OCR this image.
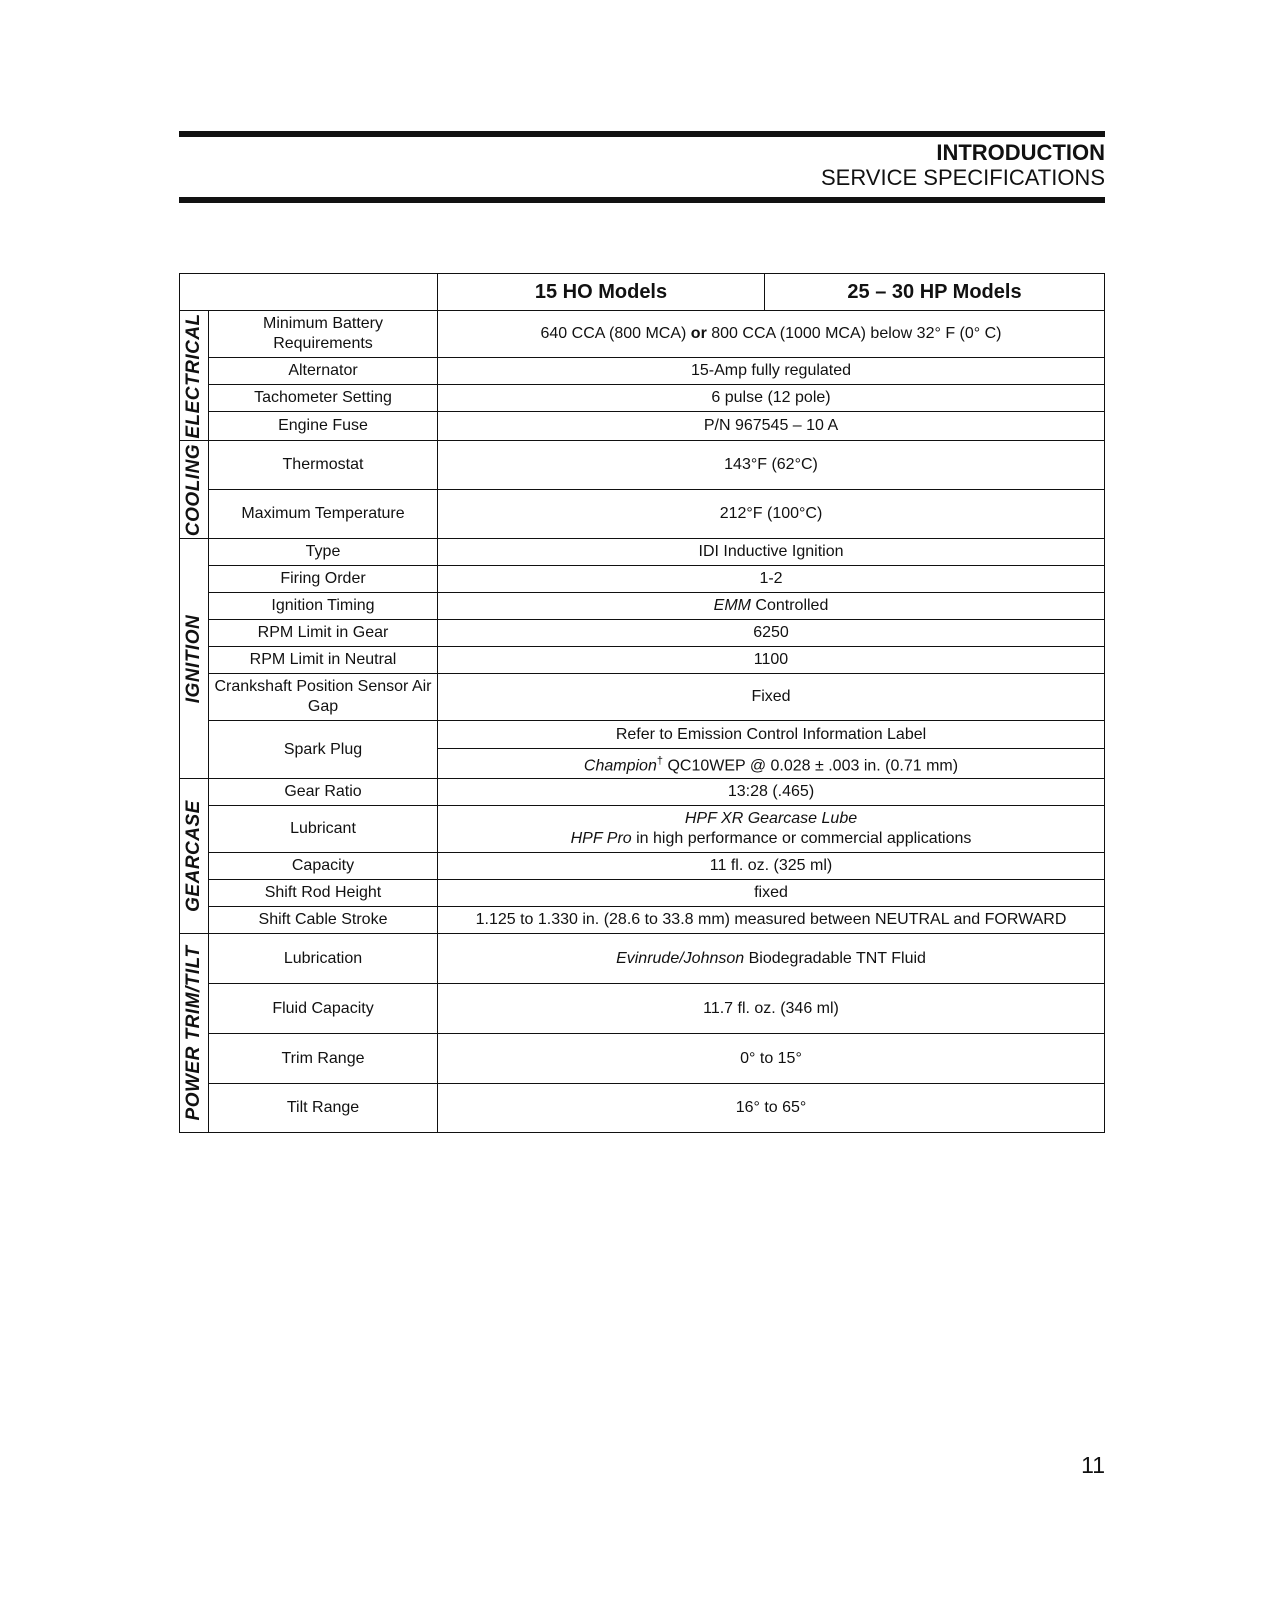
INTRODUCTION
SERVICE SPECIFICATIONS
		15 HO Models	25 – 30 HP Models

ELECTRICAL	Minimum Battery Requirements	640 CCA (800 MCA) or 800 CCA (1000 MCA) below 32° F (0° C)	
	Alternator	15-Amp fully regulated	
	Tachometer Setting	6 pulse (12 pole)	
	Engine Fuse	P/N 967545 – 10 A	

COOLING	Thermostat	143°F (62°C)	
	Maximum Temperature	212°F (100°C)	

IGNITION	Type	IDI Inductive Ignition	
	Firing Order	1-2	
	Ignition Timing	EMM Controlled	
	RPM Limit in Gear	6250	
	RPM Limit in Neutral	1100	
	Crankshaft Position Sensor Air Gap	Fixed	
	Spark Plug	Refer to Emission Control Information Label	
		Champion† QC10WEP @ 0.028 ± .003 in. (0.71 mm)	

GEARCASE	Gear Ratio	13:28 (.465)	
	Lubricant	HPF XR Gearcase Lube
HPF Pro in high performance or commercial applications	
	Capacity	11 fl. oz. (325 ml)	
	Shift Rod Height	fixed	
	Shift Cable Stroke	1.125 to 1.330 in. (28.6 to 33.8 mm) measured between NEUTRAL and FORWARD	

POWER TRIM/TILT	Lubrication	Evinrude/Johnson Biodegradable TNT Fluid	
	Fluid Capacity	11.7 fl. oz. (346 ml)	
	Trim Range	0° to 15°	
	Tilt Range	16° to 65°	
11
